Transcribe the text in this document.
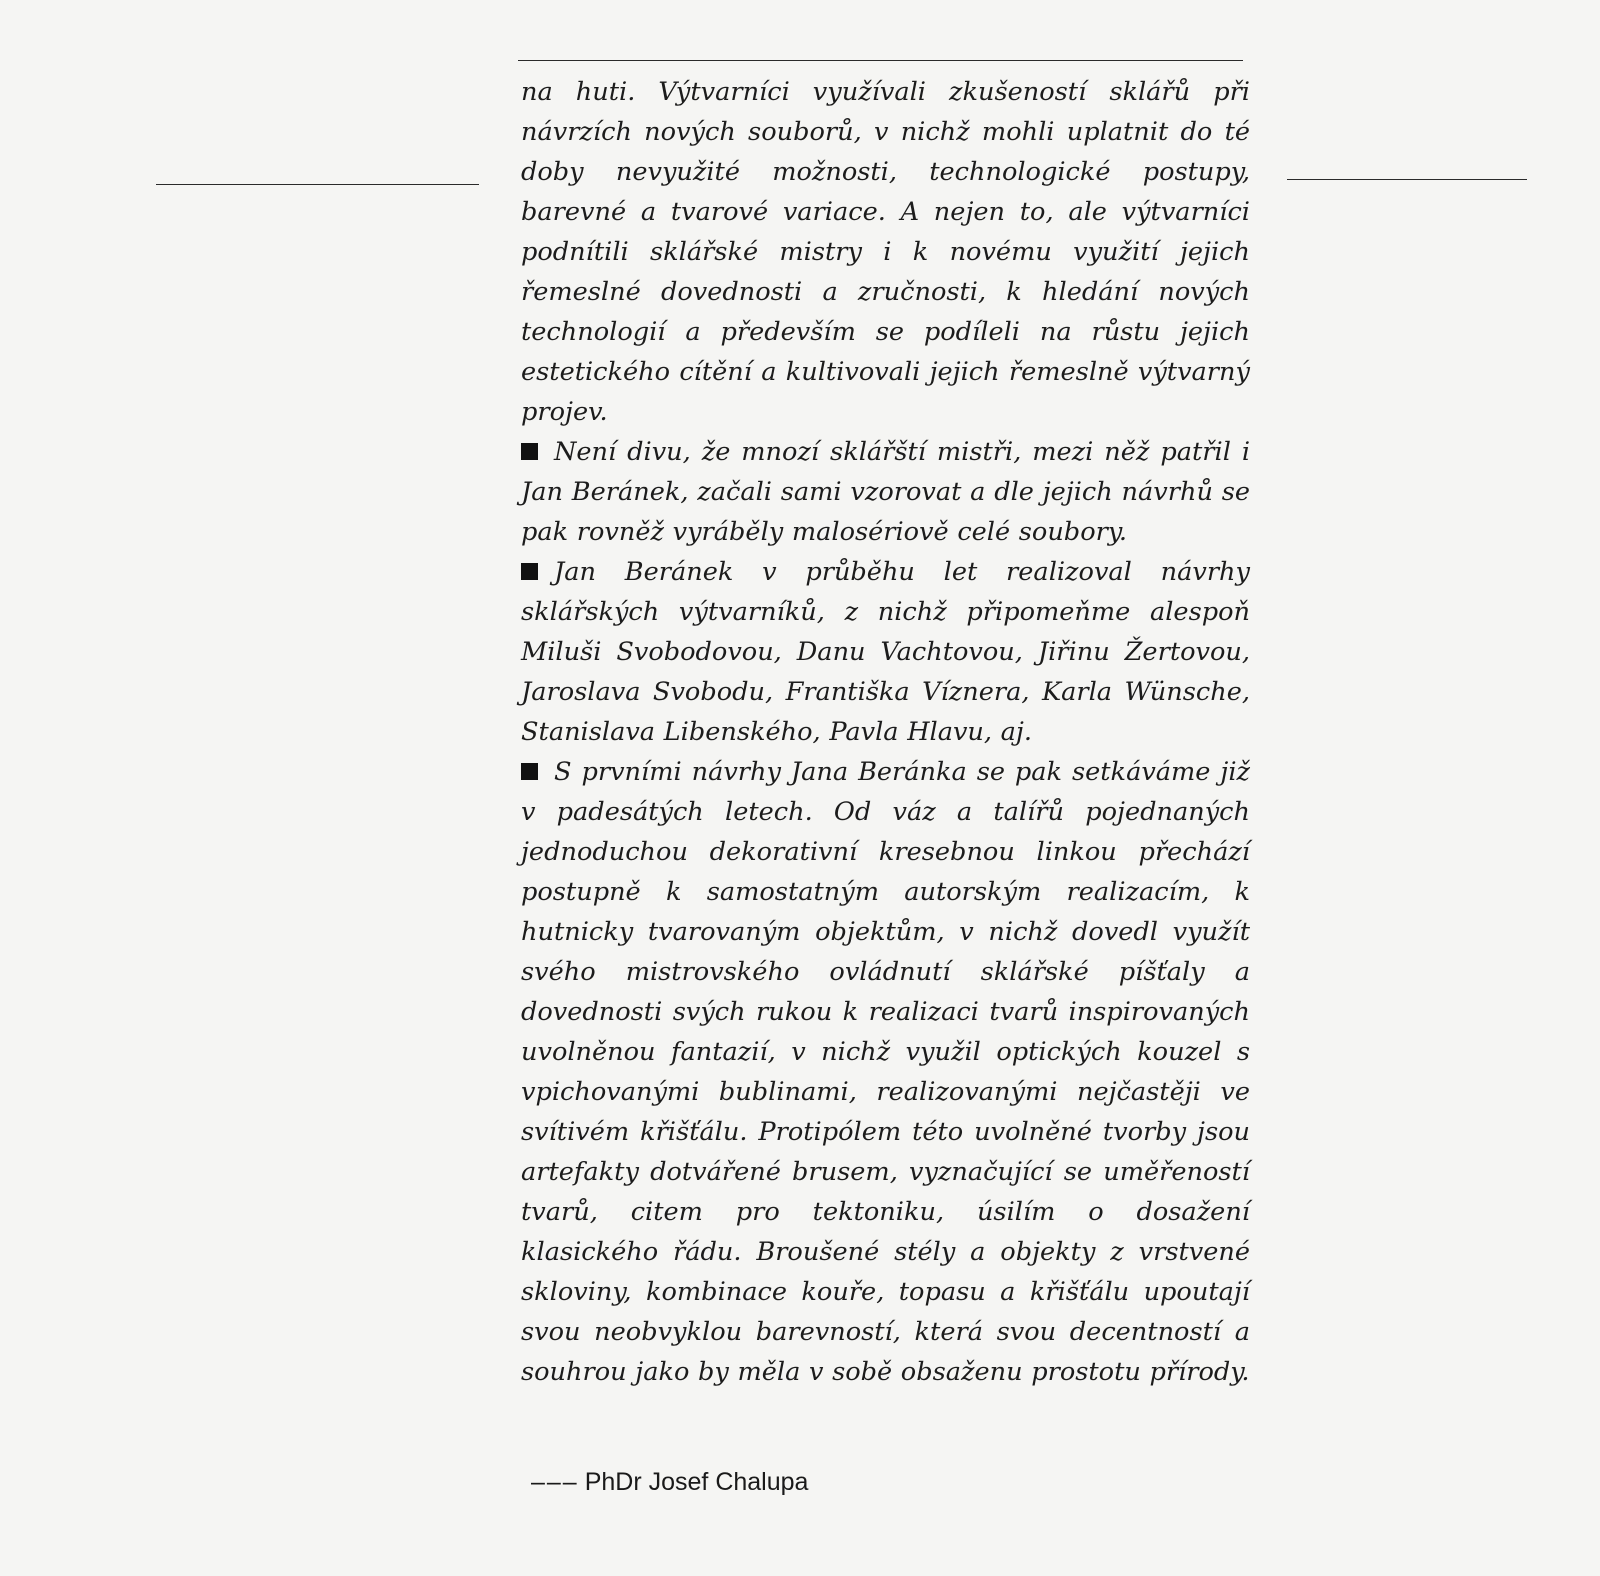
na huti. Výtvarníci využívali zkušeností sklářů při návrzích nových souborů, v nichž mohli uplatnit do té doby nevyužité možnosti, technologické postupy, barevné a tvarové variace. A nejen to, ale výtvarníci podnítili sklářské mistry i k novému využití jejich řemeslné dovednosti a zručnosti, k hledání nových technologií a především se podíleli na růstu jejich estetického cítění a kultivovali jejich řemeslně výtvarný projev.

Není divu, že mnozí sklářští mistři, mezi něž patřil i Jan Beránek, začali sami vzorovat a dle jejich návrhů se pak rovněž vyráběly malosériově celé soubory.

Jan Beránek v průběhu let realizoval návrhy sklářských výtvarníků, z nichž připomeňme alespoň Miluši Svobodovou, Danu Vachtovou, Jiřinu Žertovou, Jaroslava Svobodu, Františka Víznera, Karla Wünsche, Stanislava Libenského, Pavla Hlavu, aj.

S prvními návrhy Jana Beránka se pak setkáváme již v padesátých letech. Od váz a talířů pojednaných jednoduchou dekorativní kresebnou linkou přechází postupně k samostatným autorským realizacím, k hutnicky tvarovaným objektům, v nichž dovedl využít svého mistrovského ovládnutí sklářské píšťaly a dovednosti svých rukou k realizaci tvarů inspirovaných uvolněnou fantazií, v nichž využil optických kouzel s vpichovanými bublinami, realizovanými nejčastěji ve svítivém křišťálu. Protipólem této uvolněné tvorby jsou artefakty dotvářené brusem, vyznačující se uměřeností tvarů, citem pro tektoniku, úsilím o dosažení klasického řádu. Broušené stély a objekty z vrstvené skloviny, kombinace kouře, topasu a křišťálu upoutají svou neobvyklou barevností, která svou decentností a souhrou jako by měla v sobě obsaženu prostotu přírody.

––– PhDr Josef Chalupa
